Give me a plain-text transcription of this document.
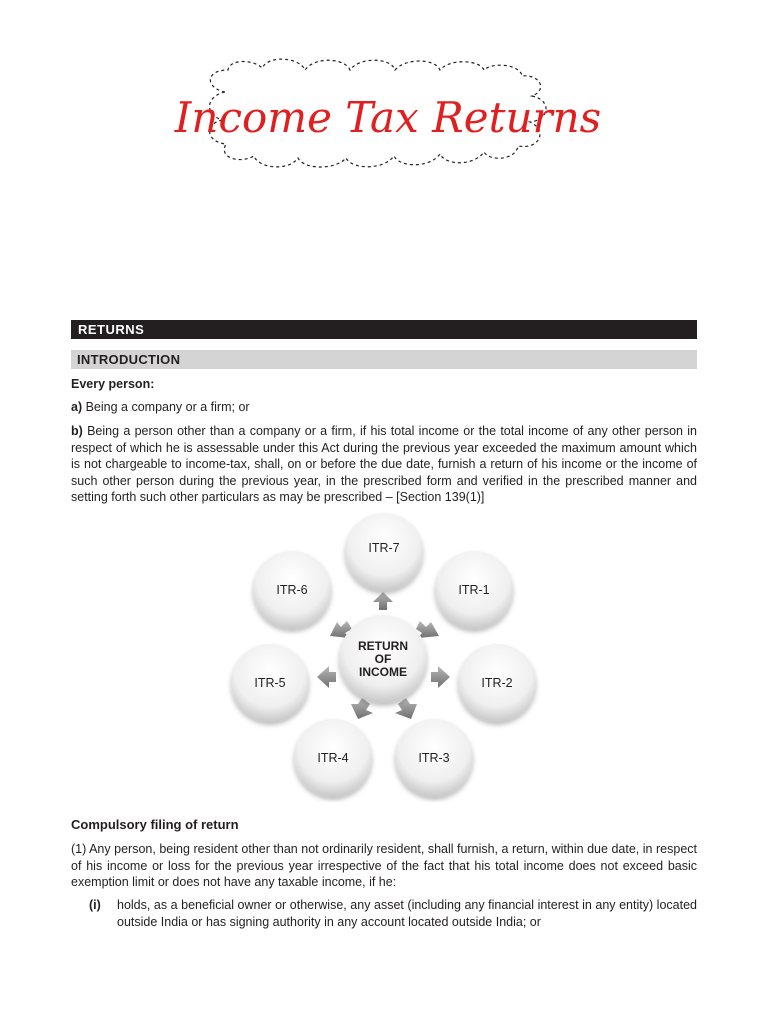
Income Tax Returns
RETURNS
INTRODUCTION
Every person:
a) Being a company or a firm; or
b) Being a person other than a company or a firm, if his total income or the total income of any other person in respect of which he is assessable under this Act during the previous year exceeded the maximum amount which is not chargeable to income-tax, shall, on or before the due date, furnish a return of his income or the income of such other person during the previous year, in the prescribed form and verified in the prescribed manner and setting forth such other particulars as may be prescribed – [Section 139(1)]
ITR-7
ITR-1
ITR-2
ITR-3
ITR-4
ITR-5
ITR-6
RETURN
OF
INCOME
Compulsory filing of return
(1) Any person, being resident other than not ordinarily resident, shall furnish, a return, within due date, in respect of his income or loss for the previous year irrespective of the fact that his total income does not exceed basic exemption limit or does not have any taxable income, if he:
(i) holds, as a beneficial owner or otherwise, any asset (including any financial interest in any entity) located outside India or has signing authority in any account located outside India; or
